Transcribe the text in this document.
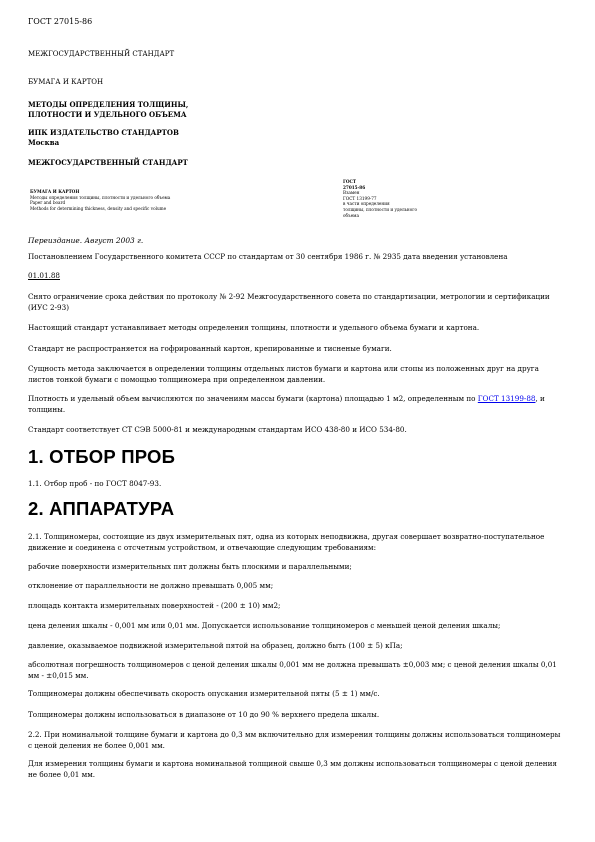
ГОСТ 27015-86
МЕЖГОСУДАРСТВЕННЫЙ СТАНДАРТ
БУМАГА И КАРТОН
МЕТОДЫ ОПРЕДЕЛЕНИЯ ТОЛЩИНЫ,
ПЛОТНОСТИ И УДЕЛЬНОГО ОБЪЕМА
ИПК ИЗДАТЕЛЬСТВО СТАНДАРТОВ
Москва
МЕЖГОСУДАРСТВЕННЫЙ СТАНДАРТ
БУМАГА И КАРТОН
Методы определения толщины, плотности и удельного объема
Paper and board
Methods for determining thickness, density and specific volume
ГОСТ
27015-86
Взамен
ГОСТ 13199-77
в части определения
толщины, плотности и удельного
объема
Переиздание. Август 2003 г.
Постановлением Государственного комитета СССР по стандартам от 30 сентября 1986 г. № 2935 дата введения установлена
01.01.88
Снято ограничение срока действия по протоколу № 2-92 Межгосударственного совета по стандартизации, метрологии и сертификации (ИУС 2-93)
Настоящий стандарт устанавливает методы определения толщины, плотности и удельного объема бумаги и картона.
Стандарт не распространяется на гофрированный картон, крепированные и тисненые бумаги.
Сущность метода заключается в определении толщины отдельных листов бумаги и картона или стопы из положенных друг на друга листов тонкой бумаги с помощью толщиномера при определенном давлении.
Плотность и удельный объем вычисляются по значениям массы бумаги (картона) площадью 1 м2, определенным по ГОСТ 13199-88, и толщины.
Стандарт соответствует СТ СЭВ 5000-81 и международным стандартам ИСО 438-80 и ИСО 534-80.
1. ОТБОР ПРОБ
1.1. Отбор проб - по ГОСТ 8047-93.
2. АППАРАТУРА
2.1. Толщиномеры, состоящие из двух измерительных пят, одна из которых неподвижна, другая совершает возвратно-поступательное движение и соединена с отсчетным устройством, и отвечающие следующим требованиям:
рабочие поверхности измерительных пят должны быть плоскими и параллельными;
отклонение от параллельности не должно превышать 0,005 мм;
площадь контакта измерительных поверхностей - (200 ± 10) мм2;
цена деления шкалы - 0,001 мм или 0,01 мм. Допускается использование толщиномеров с меньшей ценой деления шкалы;
давление, оказываемое подвижной измерительной пятой на образец, должно быть (100 ± 5) кПа;
абсолютная погрешность толщиномеров с ценой деления шкалы 0,001 мм не должна превышать ±0,003 мм; с ценой деления шкалы 0,01 мм - ±0,015 мм.
Толщиномеры должны обеспечивать скорость опускания измерительной пяты (5 ± 1) мм/с.
Толщиномеры должны использоваться в диапазоне от 10 до 90 % верхнего предела шкалы.
2.2. При номинальной толщине бумаги и картона до 0,3 мм включительно для измерения толщины должны использоваться толщиномеры с ценой деления не более 0,001 мм.
Для измерения толщины бумаги и картона номинальной толщиной свыше 0,3 мм должны использоваться толщиномеры с ценой деления не более 0,01 мм.
